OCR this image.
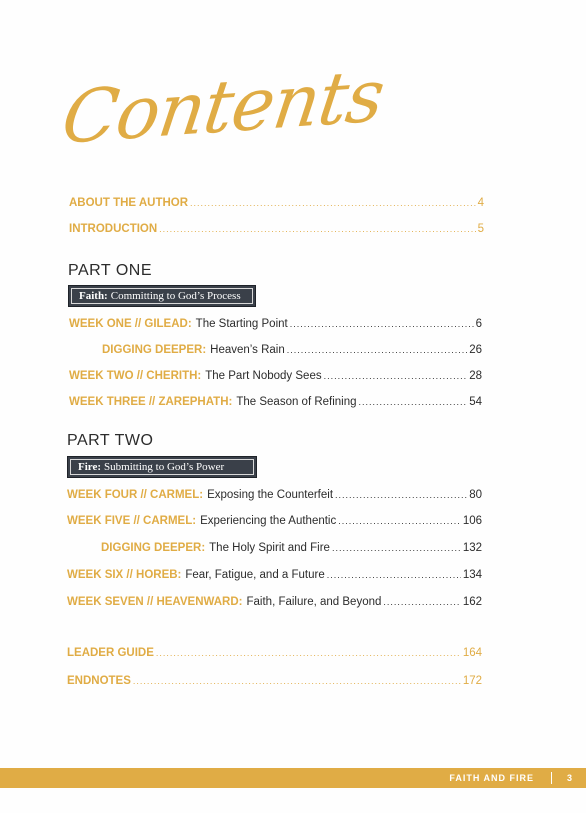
Contents
ABOUT THE AUTHOR .....	4
INTRODUCTION .....	5
PART ONE
Faith: Committing to God’s Process
WEEK ONE // GILEAD: The Starting Point .....	6
DIGGING DEEPER: Heaven’s Rain .....	26
WEEK TWO // CHERITH: The Part Nobody Sees .....	28
WEEK THREE // ZAREPHATH: The Season of Refining .....	54
PART TWO
Fire: Submitting to God’s Power
WEEK FOUR // CARMEL: Exposing the Counterfeit .....	80
WEEK FIVE // CARMEL: Experiencing the Authentic .....	106
DIGGING DEEPER: The Holy Spirit and Fire .....	132
WEEK SIX // HOREB: Fear, Fatigue, and a Future .....	134
WEEK SEVEN // HEAVENWARD: Faith, Failure, and Beyond .....	162
LEADER GUIDE .....	164
ENDNOTES .....	172
FAITH AND FIRE	3
